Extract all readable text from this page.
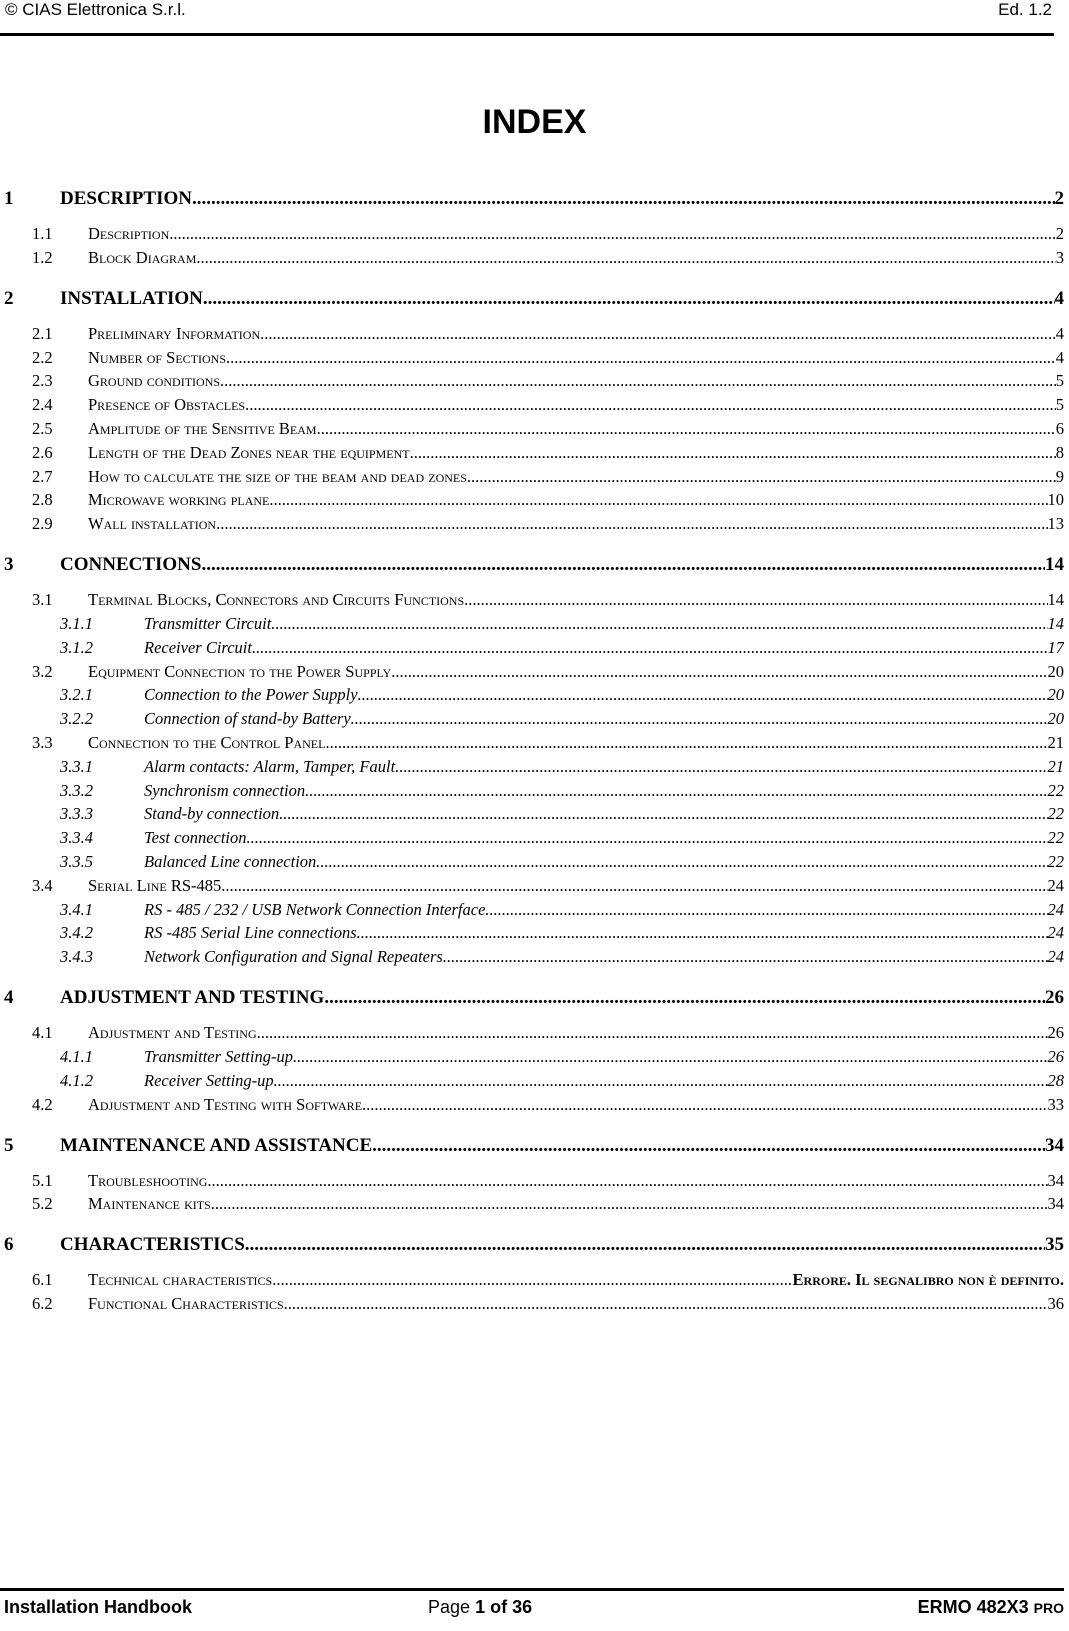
© CIAS Elettronica S.r.l.	Ed. 1.2
INDEX
1	DESCRIPTION .....	2
1.1	Description .....	2
1.2	Block Diagram .....	3
2	INSTALLATION .....	4
2.1	Preliminary Information .....	4
2.2	Number of Sections .....	4
2.3	Ground conditions .....	5
2.4	Presence of Obstacles .....	5
2.5	Amplitude of the Sensitive Beam .....	6
2.6	Length of the Dead Zones near the equipment .....	8
2.7	How to calculate the size of the beam and dead zones .....	9
2.8	Microwave working plane .....	10
2.9	Wall installation .....	13
3	CONNECTIONS .....	14
3.1	Terminal Blocks, Connectors and Circuits Functions .....	14
3.1.1	Transmitter Circuit .....	14
3.1.2	Receiver Circuit .....	17
3.2	Equipment Connection to the Power Supply .....	20
3.2.1	Connection to the Power Supply .....	20
3.2.2	Connection of stand-by Battery .....	20
3.3	Connection to the Control Panel .....	21
3.3.1	Alarm contacts: Alarm, Tamper, Fault .....	21
3.3.2	Synchronism connection .....	22
3.3.3	Stand-by connection .....	22
3.3.4	Test connection .....	22
3.3.5	Balanced Line connection .....	22
3.4	Serial Line RS-485 .....	24
3.4.1	RS - 485 / 232 / USB Network Connection Interface .....	24
3.4.2	RS -485 Serial Line connections .....	24
3.4.3	Network Configuration and Signal Repeaters .....	24
4	ADJUSTMENT AND TESTING .....	26
4.1	Adjustment and Testing .....	26
4.1.1	Transmitter Setting-up .....	26
4.1.2	Receiver Setting-up .....	28
4.2	Adjustment and Testing with Software .....	33
5	MAINTENANCE AND ASSISTANCE .....	34
5.1	Troubleshooting .....	34
5.2	Maintenance kits .....	34
6	CHARACTERISTICS .....	35
6.1	Technical characteristics .....	Errore. Il segnalibro non è definito.
6.2	Functional Characteristics .....	36
Installation Handbook	Page 1 of 36	ERMO 482X3 PRO
